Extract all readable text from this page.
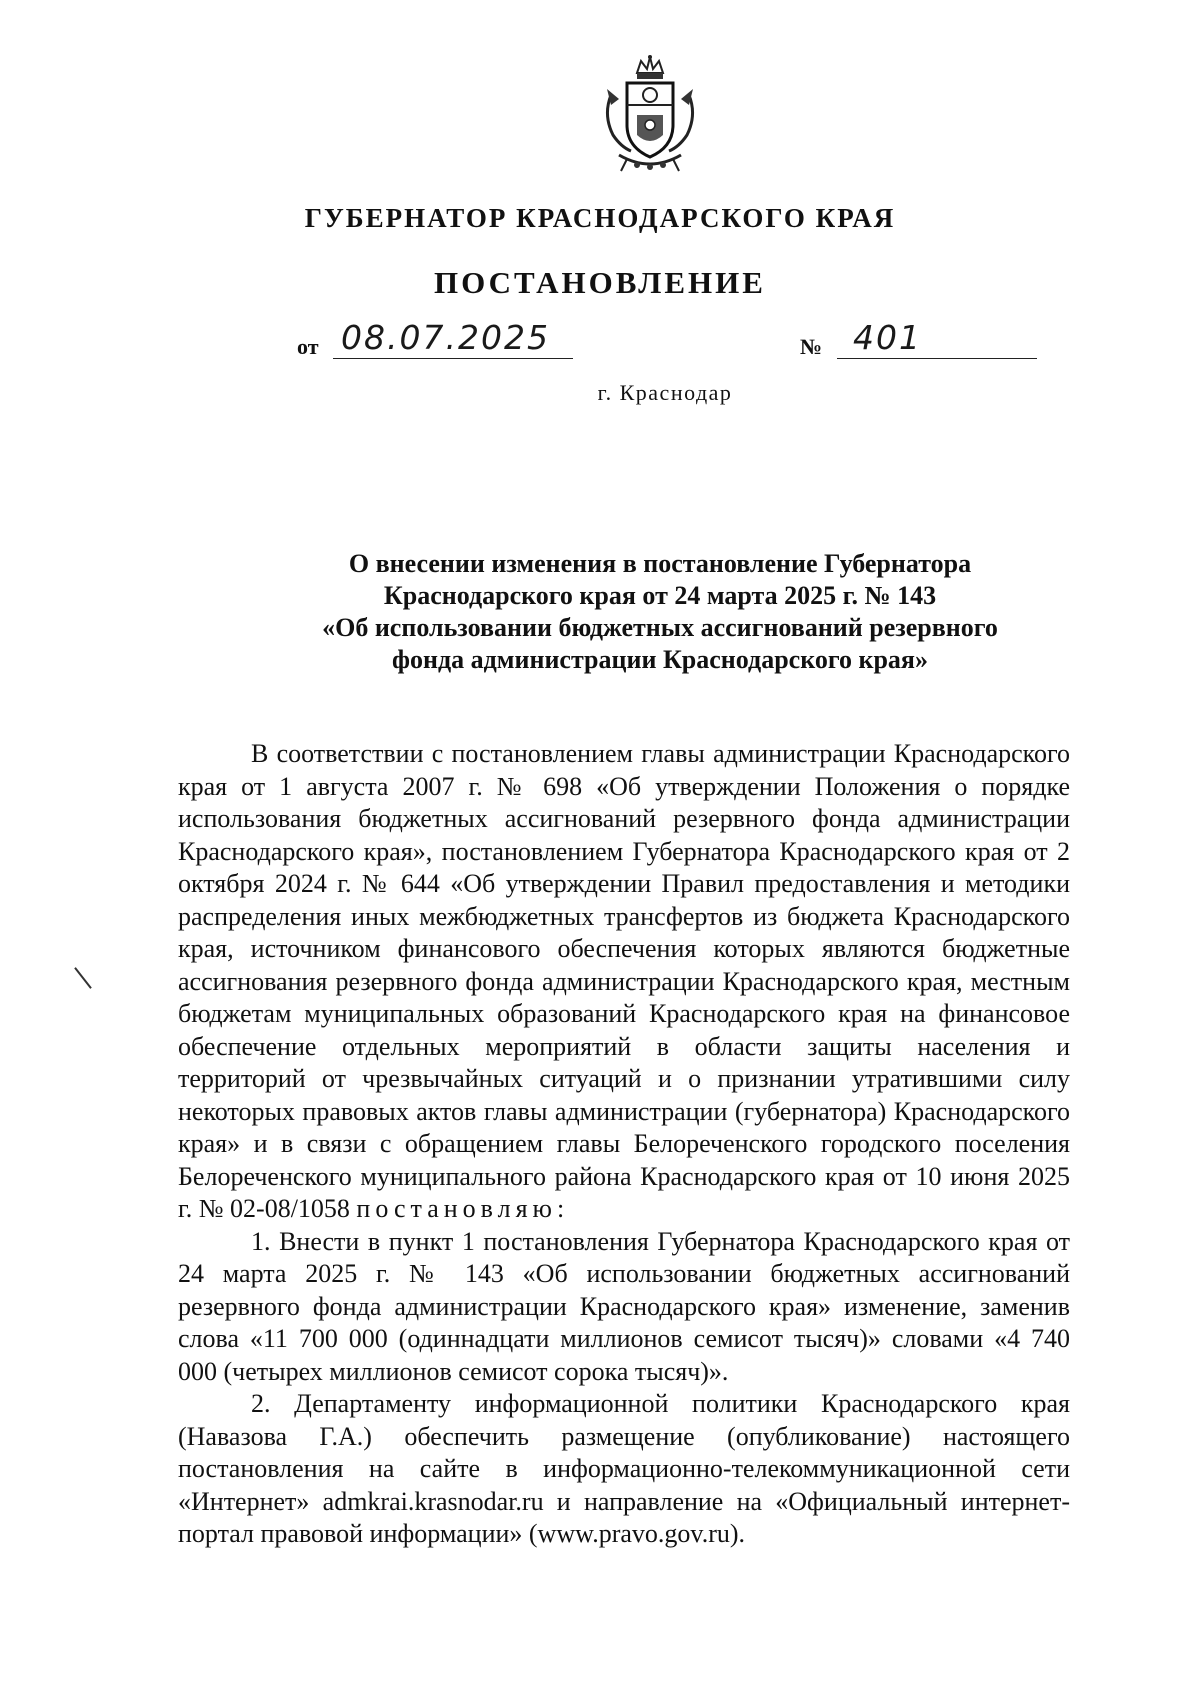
ГУБЕРНАТОР КРАСНОДАРСКОГО КРАЯ
ПОСТАНОВЛЕНИЕ
от 08.07.2025	№ 401
г. Краснодар
О внесении изменения в постановление Губернатора
Краснодарского края от 24 марта 2025 г. № 143
«Об использовании бюджетных ассигнований резервного
фонда администрации Краснодарского края»

В соответствии с постановлением главы администрации Краснодарского края от 1 августа 2007 г. № 698 «Об утверждении Положения о порядке использования бюджетных ассигнований резервного фонда администрации Краснодарского края», постановлением Губернатора Краснодарского края от 2 октября 2024 г. № 644 «Об утверждении Правил предоставления и методики распределения иных межбюджетных трансфертов из бюджета Краснодарского края, источником финансового обеспечения которых являются бюджетные ассигнования резервного фонда администрации Краснодарского края, местным бюджетам муниципальных образований Краснодарского края на финансовое обеспечение отдельных мероприятий в области защиты населения и территорий от чрезвычайных ситуаций и о признании утратившими силу некоторых правовых актов главы администрации (губернатора) Краснодарского края» и в связи с обращением главы Белореченского городского поселения Белореченского муниципального района Краснодарского края от 10 июня 2025 г. № 02-08/1058 постановляю:

1. Внести в пункт 1 постановления Губернатора Краснодарского края от 24 марта 2025 г. № 143 «Об использовании бюджетных ассигнований резервного фонда администрации Краснодарского края» изменение, заменив слова «11 700 000 (одиннадцати миллионов семисот тысяч)» словами «4 740 000 (четырех миллионов семисот сорока тысяч)».

2. Департаменту информационной политики Краснодарского края (Навазова Г.А.) обеспечить размещение (опубликование) настоящего постановления на сайте в информационно-телекоммуникационной сети «Интернет» admkrai.krasnodar.ru и направление на «Официальный интернет-портал правовой информации» (www.pravo.gov.ru).
